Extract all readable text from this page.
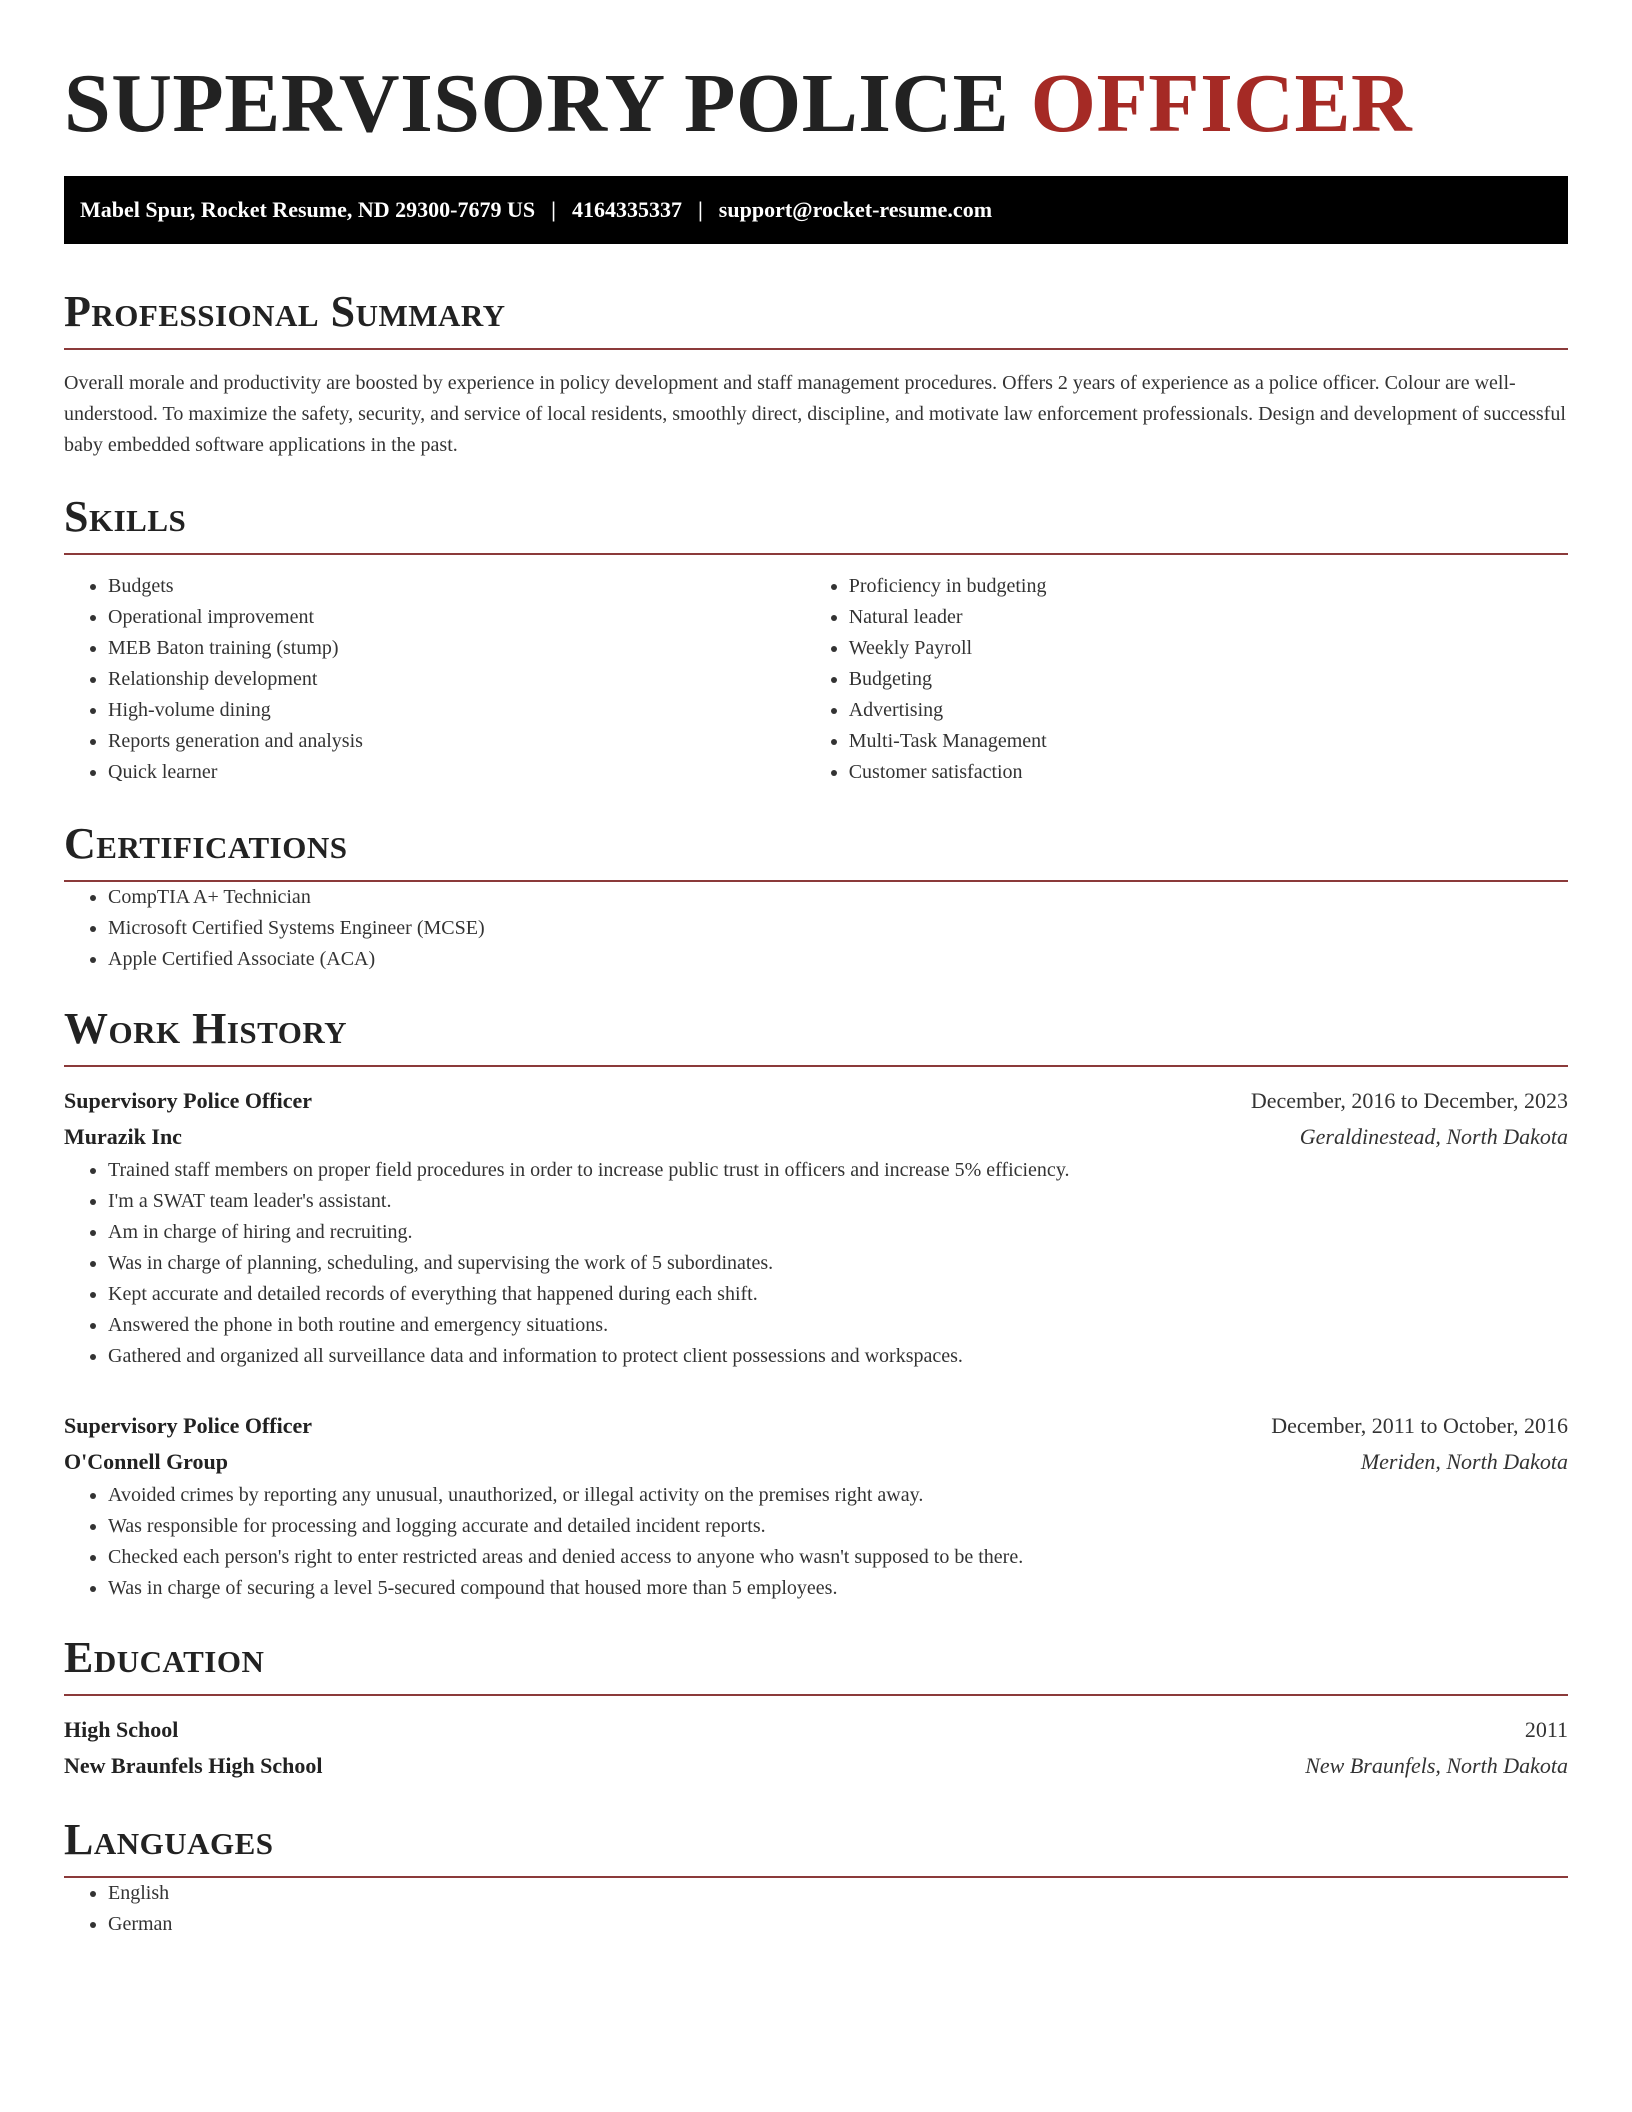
SUPERVISORY POLICE OFFICER
Mabel Spur, Rocket Resume, ND 29300-7679 US | 4164335337 | support@rocket-resume.com
Professional Summary

Overall morale and productivity are boosted by experience in policy development and staff management procedures. Offers 2 years of experience as a police officer. Colour are well-understood. To maximize the safety, security, and service of local residents, smoothly direct, discipline, and motivate law enforcement professionals. Design and development of successful baby embedded software applications in the past.

Skills
• Budgets
• Operational improvement
• MEB Baton training (stump)
• Relationship development
• High-volume dining
• Reports generation and analysis
• Quick learner
• Proficiency in budgeting
• Natural leader
• Weekly Payroll
• Budgeting
• Advertising
• Multi-Task Management
• Customer satisfaction
Certifications
• CompTIA A+ Technician
• Microsoft Certified Systems Engineer (MCSE)
• Apple Certified Associate (ACA)
Work History
Supervisory Police Officer	December, 2016 to December, 2023
Murazik Inc	Geraldinestead, North Dakota
• Trained staff members on proper field procedures in order to increase public trust in officers and increase 5% efficiency.
• I'm a SWAT team leader's assistant.
• Am in charge of hiring and recruiting.
• Was in charge of planning, scheduling, and supervising the work of 5 subordinates.
• Kept accurate and detailed records of everything that happened during each shift.
• Answered the phone in both routine and emergency situations.
• Gathered and organized all surveillance data and information to protect client possessions and workspaces.
Supervisory Police Officer	December, 2011 to October, 2016
O'Connell Group	Meriden, North Dakota
• Avoided crimes by reporting any unusual, unauthorized, or illegal activity on the premises right away.
• Was responsible for processing and logging accurate and detailed incident reports.
• Checked each person's right to enter restricted areas and denied access to anyone who wasn't supposed to be there.
• Was in charge of securing a level 5-secured compound that housed more than 5 employees.
Education
High School	2011
New Braunfels High School	New Braunfels, North Dakota
Languages
• English
• German
